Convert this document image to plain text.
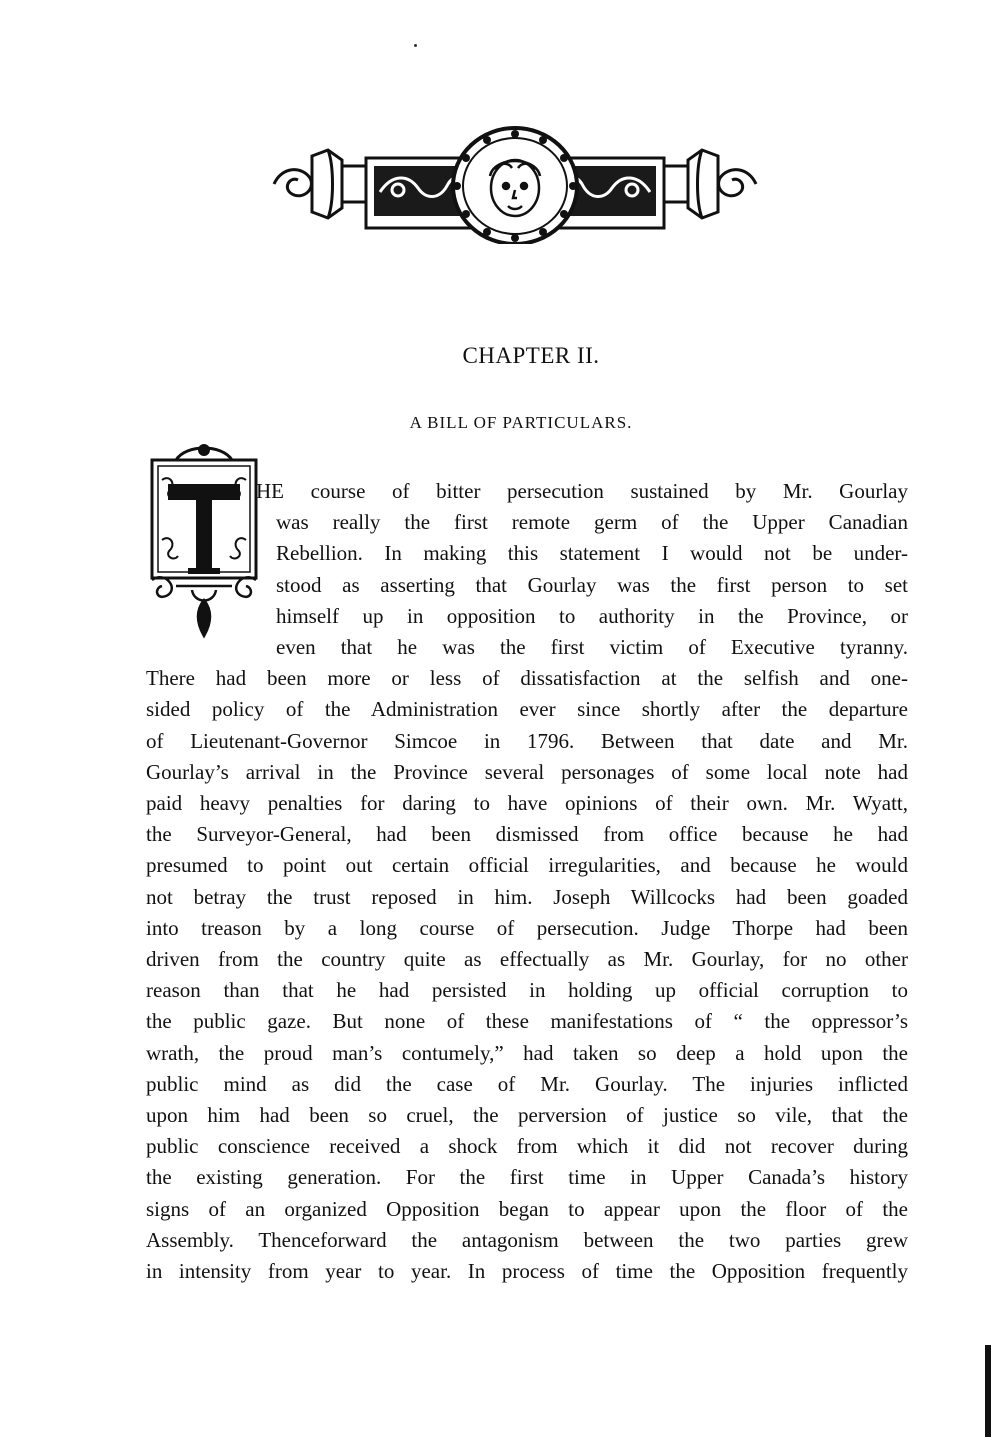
CHAPTER II.
A BILL OF PARTICULARS.
HE course of bitter persecution sustained by Mr. Gourlay
was really the first remote germ of the Upper Canadian
Rebellion. In making this statement I would not be under-
stood as asserting that Gourlay was the first person to set
himself up in opposition to authority in the Province, or
even that he was the first victim of Executive tyranny.
There had been more or less of dissatisfaction at the selfish and one-
sided policy of the Administration ever since shortly after the departure
of Lieutenant-Governor Simcoe in 1796. Between that date and Mr.
Gourlay’s arrival in the Province several personages of some local note had
paid heavy penalties for daring to have opinions of their own. Mr. Wyatt,
the Surveyor-General, had been dismissed from office because he had
presumed to point out certain official irregularities, and because he would
not betray the trust reposed in him. Joseph Willcocks had been goaded
into treason by a long course of persecution. Judge Thorpe had been
driven from the country quite as effectually as Mr. Gourlay, for no other
reason than that he had persisted in holding up official corruption to
the public gaze. But none of these manifestations of “ the oppressor’s
wrath, the proud man’s contumely,” had taken so deep a hold upon the
public mind as did the case of Mr. Gourlay. The injuries inflicted
upon him had been so cruel, the perversion of justice so vile, that the
public conscience received a shock from which it did not recover during
the existing generation. For the first time in Upper Canada’s history
signs of an organized Opposition began to appear upon the floor of the
Assembly. Thenceforward the antagonism between the two parties grew
in intensity from year to year. In process of time the Opposition frequently
